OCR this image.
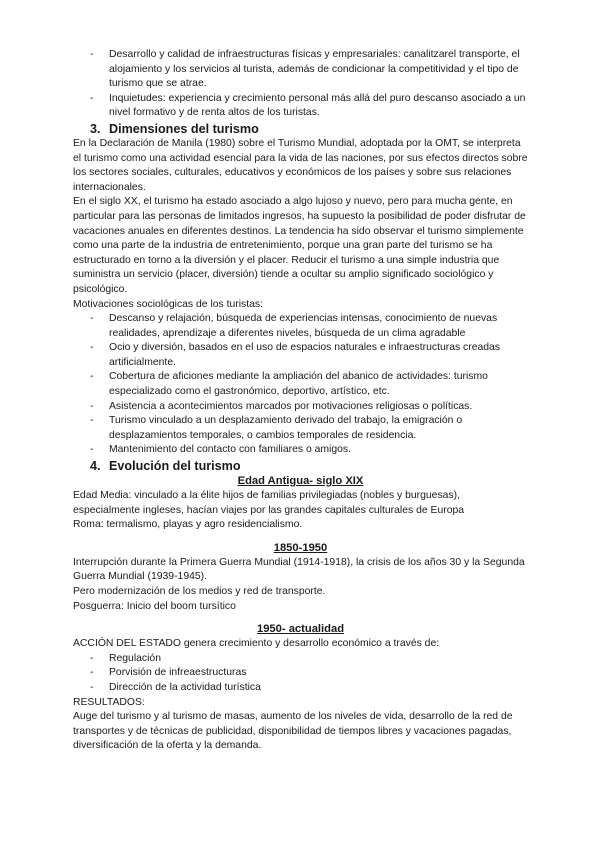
- Desarrollo y calidad de infraestructuras físicas y empresariales: canalitzarel transporte, el alojamiento y los servicios al turista, además de condicionar la competitividad y el tipo de turismo que se atrae.
- Inquietudes: experiencia y crecimiento personal más allá del puro descanso asociado a un nivel formativo y de renta altos de los turistas.
3. Dimensiones del turismo

En la Declaración de Manila (1980) sobre el Turismo Mundial, adoptada por la OMT, se interpreta el turismo como una actividad esencial para la vida de las naciones, por sus efectos directos sobre los sectores sociales, culturales, educativos y económicos de los países y sobre sus relaciones internacionales.

En el siglo XX, el turismo ha estado asociado a algo lujoso y nuevo, pero para mucha gente, en particular para las personas de limitados ingresos, ha supuesto la posibilidad de poder disfrutar de vacaciones anuales en diferentes destinos. La tendencia ha sido observar el turismo simplemente como una parte de la industria de entretenimiento, porque una gran parte del turismo se ha estructurado en torno a la diversión y el placer. Reducir el turismo a una simple industria que suministra un servicio (placer, diversión) tiende a ocultar su amplio significado sociológico y psicológico.

Motivaciones sociológicas de los turistas:

- Descanso y relajación, búsqueda de experiencias intensas, conocimiento de nuevas realidades, aprendizaje a diferentes niveles, búsqueda de un clima agradable
- Ocio y diversión, basados en el uso de espacios naturales e infraestructuras creadas artificialmente.
- Cobertura de aficiones mediante la ampliación del abanico de actividades: turismo especializado como el gastronómico, deportivo, artístico, etc.
- Asistencia a acontecimientos marcados por motivaciones religiosas o políticas.
- Turismo vinculado a un desplazamiento derivado del trabajo, la emigración o desplazamientos temporales, o cambios temporales de residencia.
- Mantenimiento del contacto con familiares o amigos.
4. Evolución del turismo

Edad Antigua- siglo XIX

Edad Media: vinculado a la élite hijos de familias privilegiadas (nobles y burguesas), especialmente ingleses, hacían viajes por las grandes capitales culturales de Europa

Roma: termalismo, playas y agro residencialismo.

1850-1950

Interrupción durante la Primera Guerra Mundial (1914-1918), la crisis de los años 30 y la Segunda Guerra Mundial (1939-1945).

Pero modernización de los medios y red de transporte.

Posguerra: Inicio del boom tursítico

1950- actualidad

ACCIÓN DEL ESTADO genera crecimiento y desarrollo económico a través de:

- Regulación
- Porvisión de infreaestructuras
- Dirección de la actividad turística

RESULTADOS:

Auge del turismo y al turismo de masas, aumento de los niveles de vida, desarrollo de la red de transportes y de técnicas de publicidad, disponibilidad de tiempos libres y vacaciones pagadas, diversificación de la oferta y la demanda.
